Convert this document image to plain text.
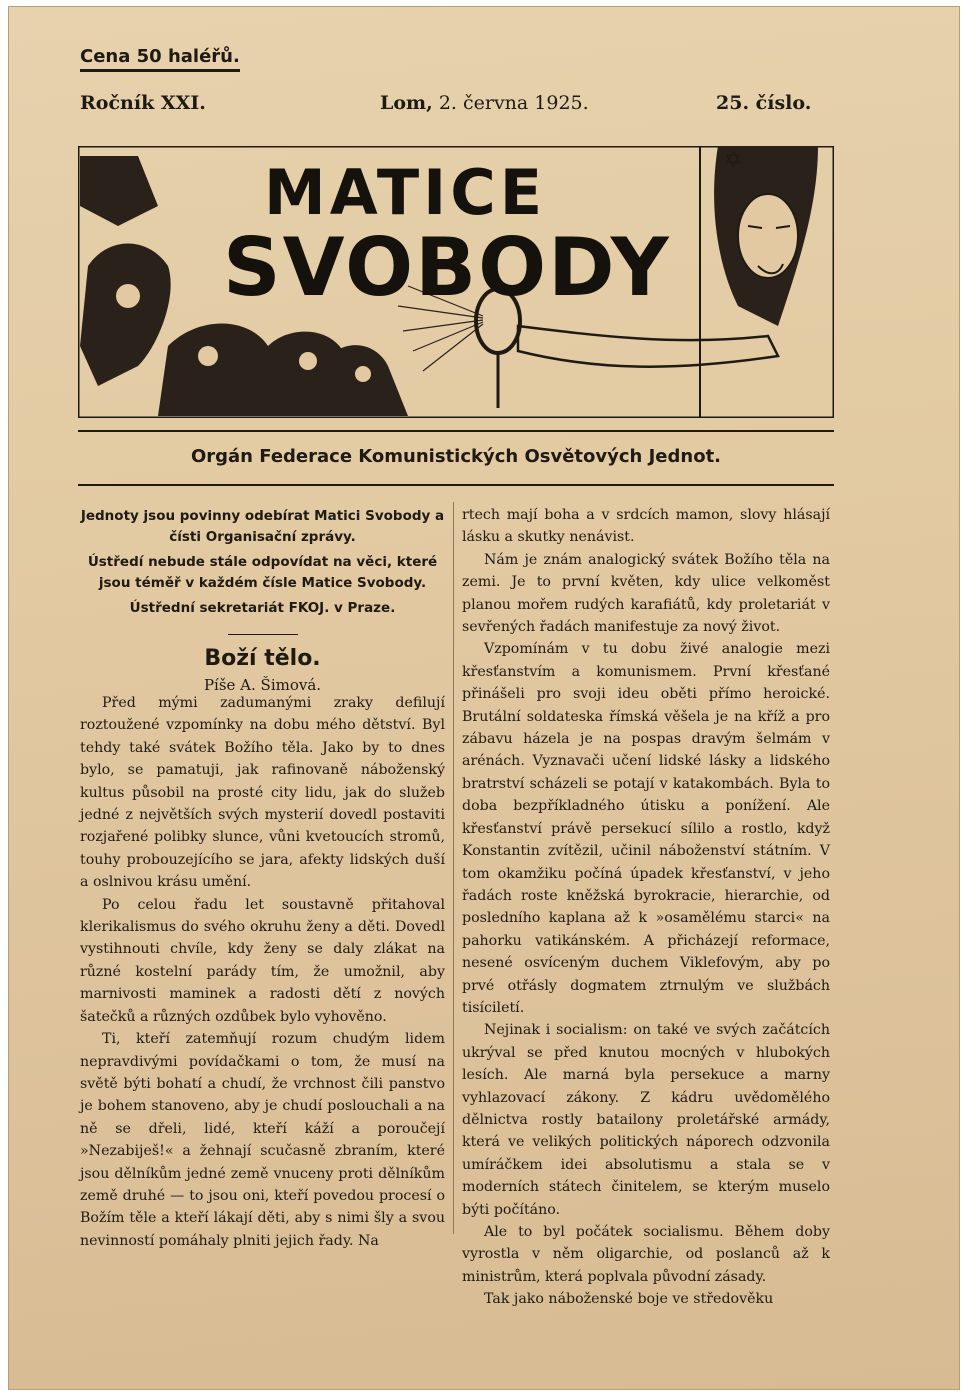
Cena 50 haléřů.
Ročník XXI.	Lom, 2. června 1925.	25. číslo.
✡
MATICE
SVOBODY
Orgán Federace Komunistických Osvětových Jednot.

Jednoty jsou povinny odebírat Matici Svobody a čísti Organisační zprávy.

Ústředí nebude stále odpovídat na věci, které jsou téměř v každém čísle Matice Svobody.

Ústřední sekretariát FKOJ. v Praze.

Boží tělo.
Píše A. Šimová.

Před mými zadumanými zraky defilují roztoužené vzpomínky na dobu mého dětství. Byl tehdy také svátek Božího těla. Jako by to dnes bylo, se pamatuji, jak rafinovaně náboženský kultus působil na prosté city lidu, jak do služeb jedné z největších svých mysterií dovedl postaviti rozjařené polibky slunce, vůni kvetoucích stromů, touhy probouzejícího se jara, afekty lidských duší a oslnivou krásu umění.

Po celou řadu let soustavně přitahoval klerikalismus do svého okruhu ženy a děti. Dovedl vystihnouti chvíle, kdy ženy se daly zlákat na různé kostelní parády tím, že umožnil, aby marnivosti maminek a radosti dětí z nových šatečků a různých ozdůbek bylo vyhověno.

Ti, kteří zatemňují rozum chudým lidem nepravdivými povídačkami o tom, že musí na světě býti bohatí a chudí, že vrchnost čili panstvo je bohem stanoveno, aby je chudí poslouchali a na ně se dřeli, lidé, kteří káží a poroučejí »Nezabiješ!« a žehnají scučasně zbraním, které jsou dělníkům jedné země vnuceny proti dělníkům země druhé — to jsou oni, kteří povedou procesí o Božím těle a kteří lákají děti, aby s nimi šly a svou nevinností pomáhaly plniti jejich řady. Na

rtech mají boha a v srdcích mamon, slovy hlásají lásku a skutky nenávist.

Nám je znám analogický svátek Božího těla na zemi. Je to první květen, kdy ulice velkoměst planou mořem rudých karafiátů, kdy proletariát v sevřených řadách manifestuje za nový život.

Vzpomínám v tu dobu živé analogie mezi křesťanstvím a komunismem. První křesťané přinášeli pro svoji ideu oběti přímo heroické. Brutální soldateska římská věšela je na kříž a pro zábavu házela je na pospas dravým šelmám v arénách. Vyznavači učení lidské lásky a lidského bratrství scházeli se potají v katakombách. Byla to doba bezpříkladného útisku a ponížení. Ale křesťanství právě persekucí sílilo a rostlo, když Konstantin zvítězil, učinil náboženství státním. V tom okamžiku počíná úpadek křesťanství, v jeho řadách roste kněžská byrokracie, hierarchie, od posledního kaplana až k »osamělému starci« na pahorku vatikánském. A přicházejí reformace, nesené osvíceným duchem Viklefovým, aby po prvé otřásly dogmatem ztrnulým ve službách tisíciletí.

Nejinak i socialism: on také ve svých začátcích ukrýval se před knutou mocných v hlubokých lesích. Ale marná byla persekuce a marny vyhlazovací zákony. Z kádru uvědomělého dělnictva rostly batailony proletářské armády, která ve velikých politických náporech odzvonila umíráčkem idei absolutismu a stala se v moderních státech činitelem, se kterým muselo býti počítáno.

Ale to byl počátek socialismu. Během doby vyrostla v něm oligarchie, od poslanců až k ministrům, která poplvala původní zásady.

Tak jako náboženské boje ve středověku
